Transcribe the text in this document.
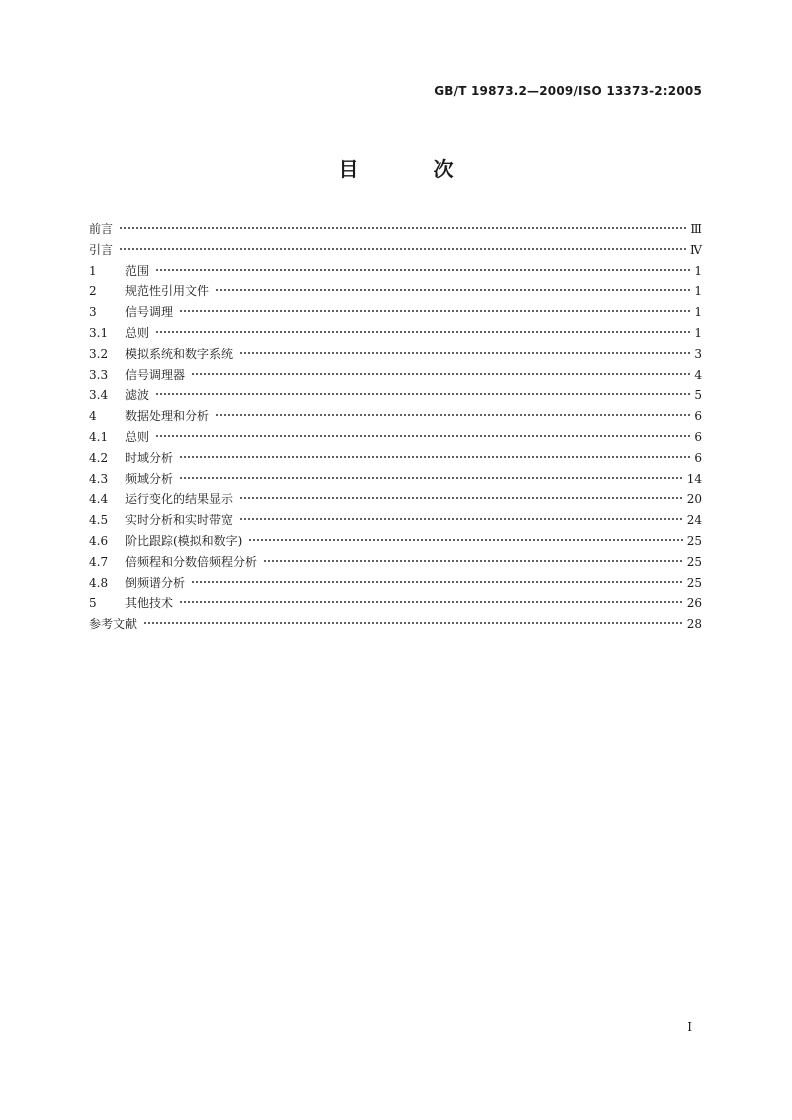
GB/T 19873.2—2009/ISO 13373-2:2005
目 次
前言	Ⅲ
引言	Ⅳ
1	范围	1
2	规范性引用文件	1
3	信号调理	1
3.1	总则	1
3.2	模拟系统和数字系统	3
3.3	信号调理器	4
3.4	滤波	5
4	数据处理和分析	6
4.1	总则	6
4.2	时域分析	6
4.3	频域分析	14
4.4	运行变化的结果显示	20
4.5	实时分析和实时带宽	24
4.6	阶比跟踪(模拟和数字)	25
4.7	倍频程和分数倍频程分析	25
4.8	倒频谱分析	25
5	其他技术	26
参考文献	28
Ⅰ
